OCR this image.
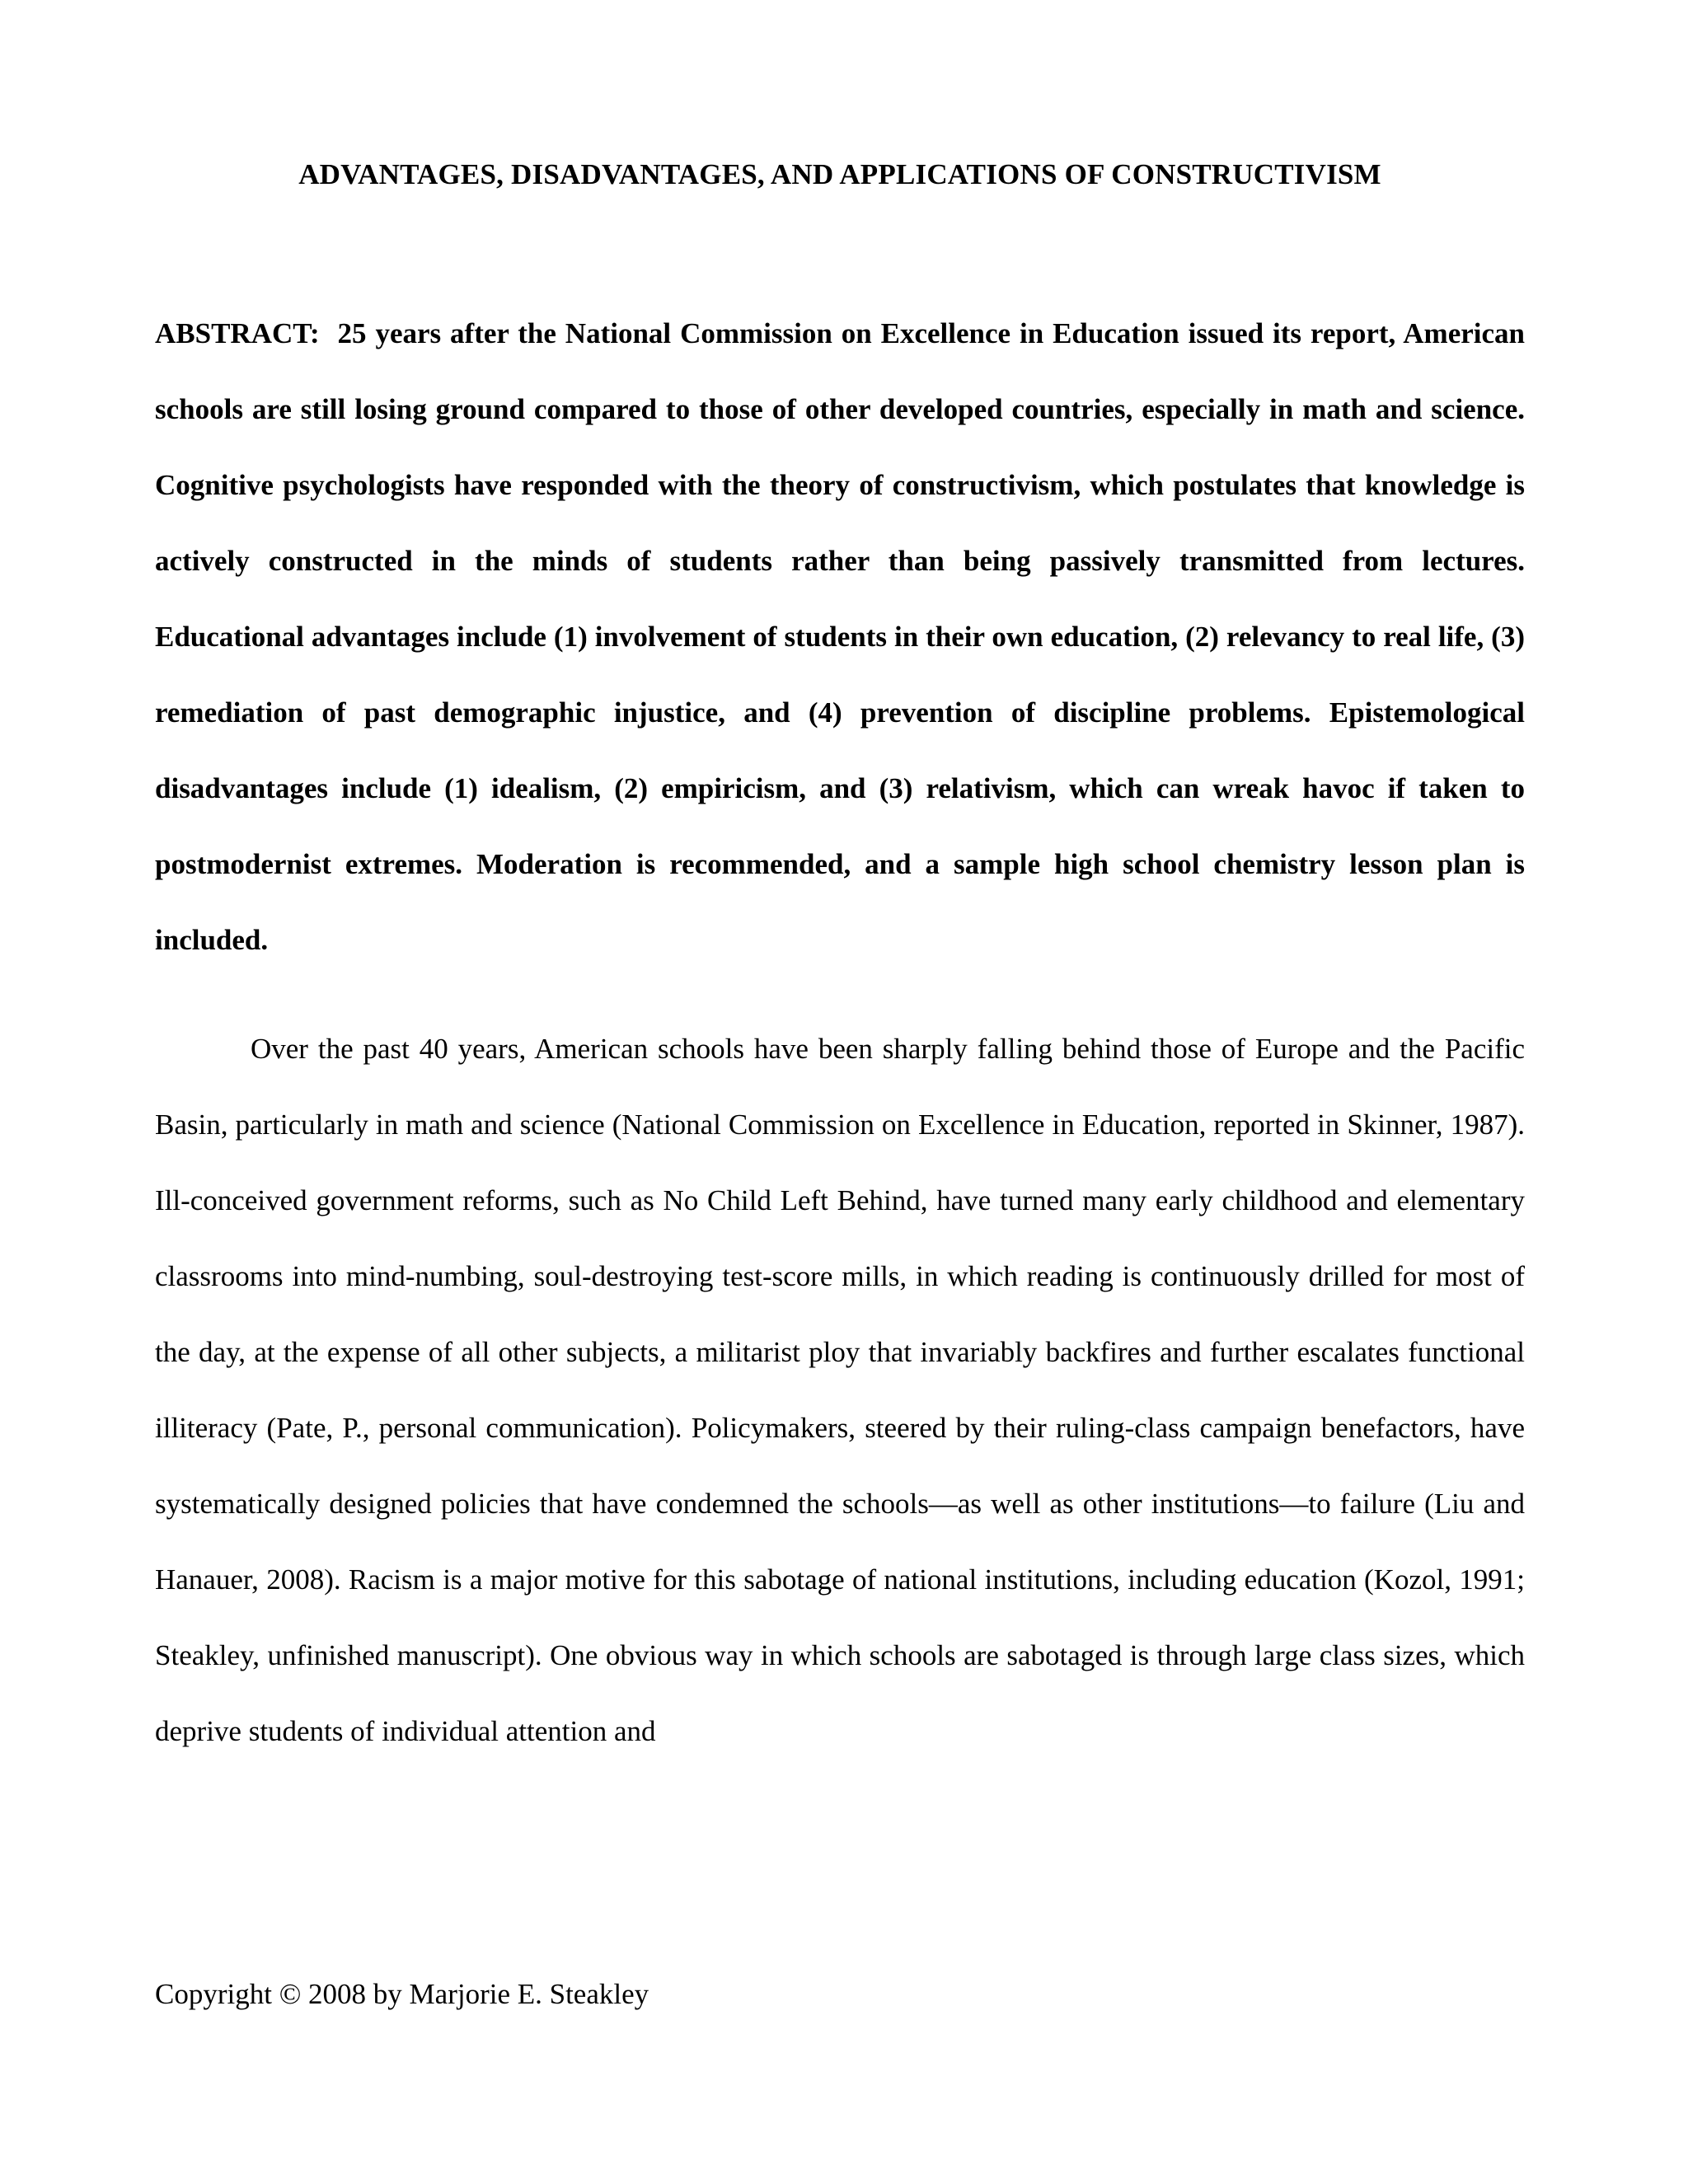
ADVANTAGES, DISADVANTAGES, AND APPLICATIONS OF CONSTRUCTIVISM

ABSTRACT: 25 years after the National Commission on Excellence in Education issued its report, American schools are still losing ground compared to those of other developed countries, especially in math and science. Cognitive psychologists have responded with the theory of constructivism, which postulates that knowledge is actively constructed in the minds of students rather than being passively transmitted from lectures. Educational advantages include (1) involvement of students in their own education, (2) relevancy to real life, (3) remediation of past demographic injustice, and (4) prevention of discipline problems. Epistemological disadvantages include (1) idealism, (2) empiricism, and (3) relativism, which can wreak havoc if taken to postmodernist extremes. Moderation is recommended, and a sample high school chemistry lesson plan is included.

Over the past 40 years, American schools have been sharply falling behind those of Europe and the Pacific Basin, particularly in math and science (National Commission on Excellence in Education, reported in Skinner, 1987). Ill-conceived government reforms, such as No Child Left Behind, have turned many early childhood and elementary classrooms into mind-numbing, soul-destroying test-score mills, in which reading is continuously drilled for most of the day, at the expense of all other subjects, a militarist ploy that invariably backfires and further escalates functional illiteracy (Pate, P., personal communication). Policymakers, steered by their ruling-class campaign benefactors, have systematically designed policies that have condemned the schools—as well as other institutions—to failure (Liu and Hanauer, 2008). Racism is a major motive for this sabotage of national institutions, including education (Kozol, 1991; Steakley, unfinished manuscript). One obvious way in which schools are sabotaged is through large class sizes, which deprive students of individual attention and

Copyright © 2008 by Marjorie E. Steakley
